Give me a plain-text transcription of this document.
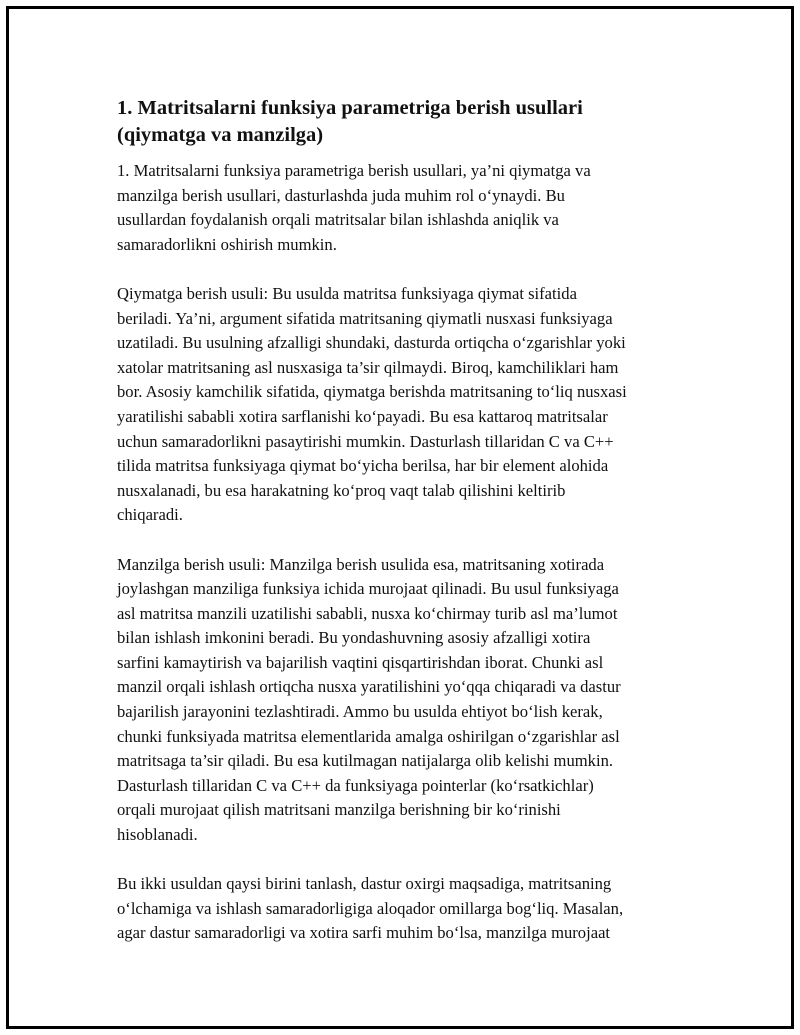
1. Matritsalarni funksiya parametriga berish usullari
(qiymatga va manzilga)

1. Matritsalarni funksiya parametriga berish usullari, ya’ni qiymatga va
manzilga berish usullari, dasturlashda juda muhim rol o‘ynaydi. Bu
usullardan foydalanish orqali matritsalar bilan ishlashda aniqlik va
samaradorlikni oshirish mumkin.

Qiymatga berish usuli: Bu usulda matritsa funksiyaga qiymat sifatida
beriladi. Ya’ni, argument sifatida matritsaning qiymatli nusxasi funksiyaga
uzatiladi. Bu usulning afzalligi shundaki, dasturda ortiqcha o‘zgarishlar yoki
xatolar matritsaning asl nusxasiga ta’sir qilmaydi. Biroq, kamchiliklari ham
bor. Asosiy kamchilik sifatida, qiymatga berishda matritsaning to‘liq nusxasi
yaratilishi sababli xotira sarflanishi ko‘payadi. Bu esa kattaroq matritsalar
uchun samaradorlikni pasaytirishi mumkin. Dasturlash tillaridan C va C++
tilida matritsa funksiyaga qiymat bo‘yicha berilsa, har bir element alohida
nusxalanadi, bu esa harakatning ko‘proq vaqt talab qilishini keltirib
chiqaradi.

Manzilga berish usuli: Manzilga berish usulida esa, matritsaning xotirada
joylashgan manziliga funksiya ichida murojaat qilinadi. Bu usul funksiyaga
asl matritsa manzili uzatilishi sababli, nusxa ko‘chirmay turib asl ma’lumot
bilan ishlash imkonini beradi. Bu yondashuvning asosiy afzalligi xotira
sarfini kamaytirish va bajarilish vaqtini qisqartirishdan iborat. Chunki asl
manzil orqali ishlash ortiqcha nusxa yaratilishini yo‘qqa chiqaradi va dastur
bajarilish jarayonini tezlashtiradi. Ammo bu usulda ehtiyot bo‘lish kerak,
chunki funksiyada matritsa elementlarida amalga oshirilgan o‘zgarishlar asl
matritsaga ta’sir qiladi. Bu esa kutilmagan natijalarga olib kelishi mumkin.
Dasturlash tillaridan C va C++ da funksiyaga pointerlar (ko‘rsatkichlar)
orqali murojaat qilish matritsani manzilga berishning bir ko‘rinishi
hisoblanadi.

Bu ikki usuldan qaysi birini tanlash, dastur oxirgi maqsadiga, matritsaning
o‘lchamiga va ishlash samaradorligiga aloqador omillarga bog‘liq. Masalan,
agar dastur samaradorligi va xotira sarfi muhim bo‘lsa, manzilga murojaat
